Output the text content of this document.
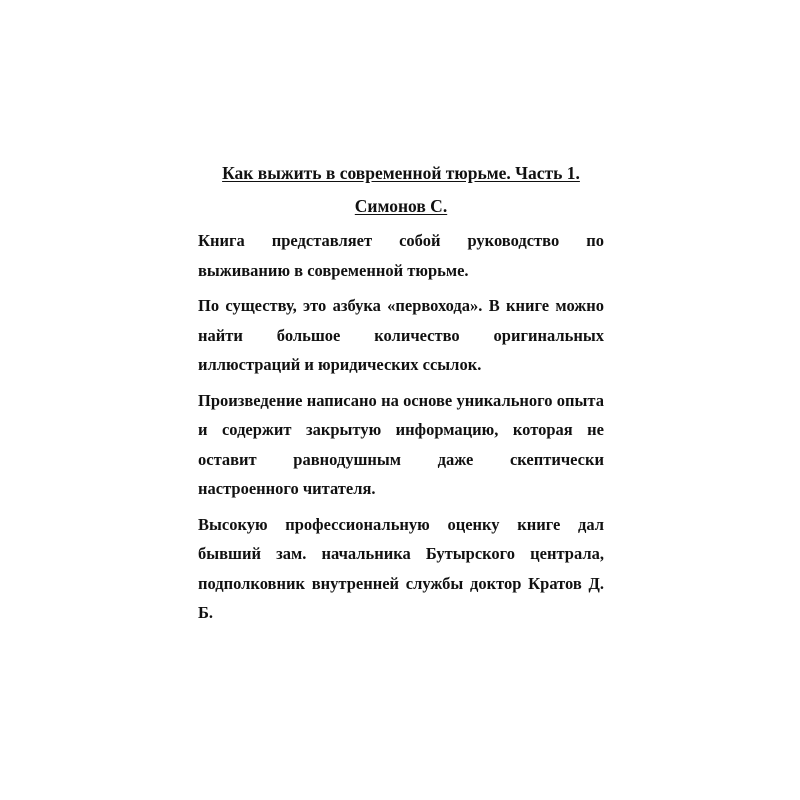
Как выжить в современной тюрьме. Часть 1.
Симонов С.

Книга представляет собой руководство по выживанию в современной тюрьме.

По существу, это азбука «первохода». В книге можно найти большое количество оригинальных иллюстраций и юридических ссылок.

Произведение написано на основе уникального опыта и содержит закрытую информацию, которая не оставит равнодушным даже скептически настроенного читателя.

Высокую профессиональную оценку книге дал бывший зам. начальника Бутырского централа, подполковник внутренней службы доктор Кратов Д. Б.
